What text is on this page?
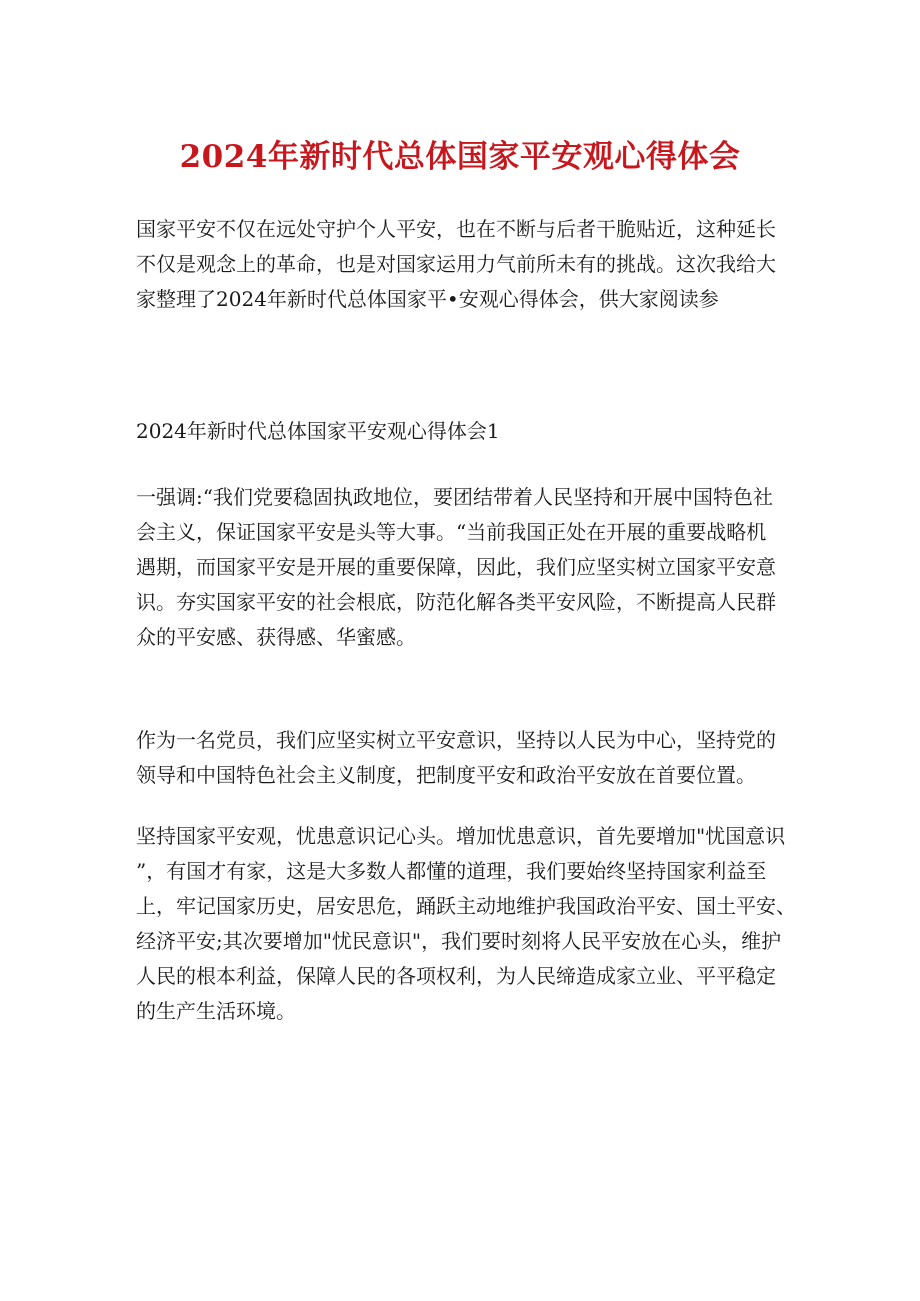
2024年新时代总体国家平安观心得体会
国家平安不仅在远处守护个人平安，也在不断与后者干脆贴近，这种延长
不仅是观念上的革命，也是对国家运用力气前所未有的挑战。这次我给大
家整理了2024年新时代总体国家平•安观心得体会，供大家阅读参
2024年新时代总体国家平安观心得体会1
一强调:“我们党要稳固执政地位，要团结带着人民坚持和开展中国特色社
会主义，保证国家平安是头等大事。“当前我国正处在开展的重要战略机
遇期，而国家平安是开展的重要保障，因此，我们应坚实树立国家平安意
识。夯实国家平安的社会根底，防范化解各类平安风险，不断提高人民群
众的平安感、获得感、华蜜感。
作为一名党员，我们应坚实树立平安意识，坚持以人民为中心，坚持党的
领导和中国特色社会主义制度，把制度平安和政治平安放在首要位置。
坚持国家平安观，忧患意识记心头。增加忧患意识，首先要增加"忧国意识
”，有国才有家，这是大多数人都懂的道理，我们要始终坚持国家利益至
上，牢记国家历史，居安思危，踊跃主动地维护我国政治平安、国土平安、
经济平安;其次要增加"忧民意识"，我们要时刻将人民平安放在心头，维护
人民的根本利益，保障人民的各项权利，为人民缔造成家立业、平平稳定
的生产生活环境。
